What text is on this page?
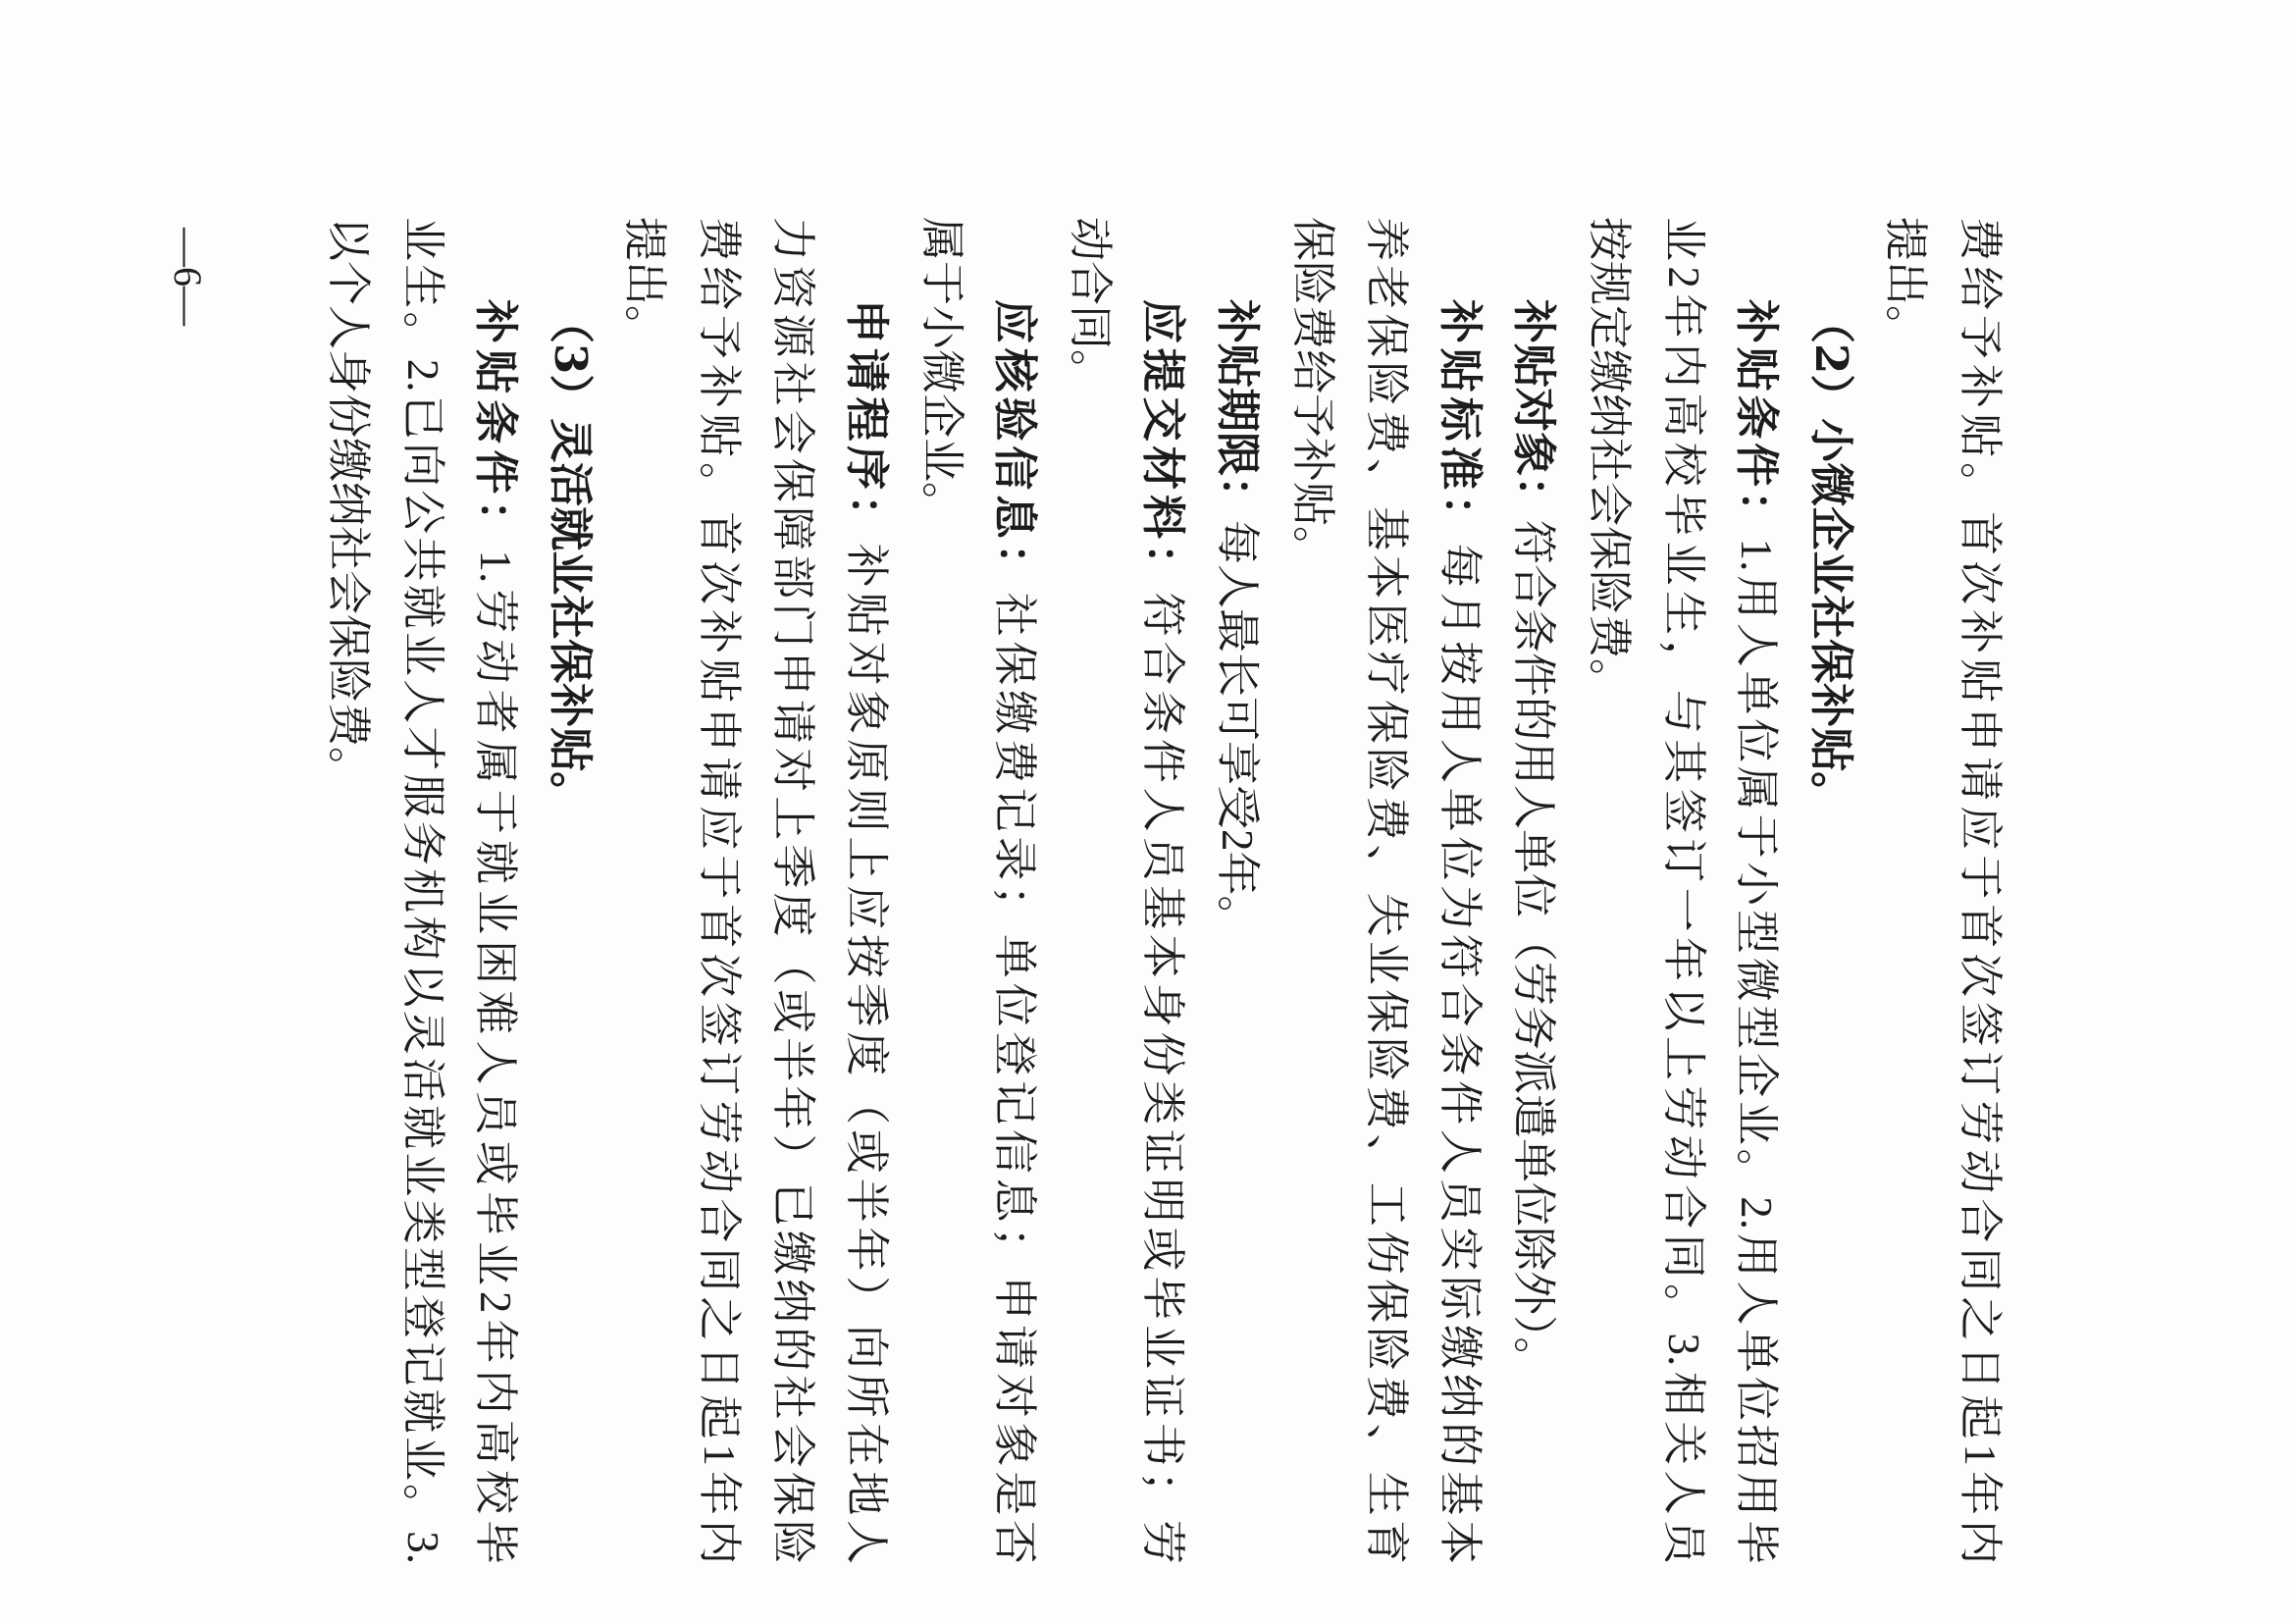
费给予补贴。首次补贴申请应于首次签订劳动合同之日起1年内
提出。
（2）小微企业社保补贴。
补贴条件：1.用人单位属于小型微型企业。2.用人单位招用毕
业2年内高校毕业生，与其签订一年以上劳动合同。3.相关人员
按规定缴纳社会保险费。
补贴对象：符合条件的用人单位（劳务派遣单位除外）。
补贴标准：每月按用人单位为符合条件人员实际缴纳的基本
养老保险费、基本医疗保险费、失业保险费、工伤保险费、生育
保险费给予补贴。
补贴期限：每人最长可享受2年。
应提交材料：符合条件人员基本身份类证明或毕业证书；劳
动合同。
应核验信息：社保缴费记录；单位登记信息；申请对象是否
属于小微企业。
申请程序：补贴对象原则上应按季度（或半年）向所在地人
力资源社会保障部门申请对上季度（或半年）已缴纳的社会保险
费给予补贴。首次补贴申请应于首次签订劳动合同之日起1年内
提出。
（3）灵活就业社保补贴。
补贴条件：1.劳动者属于就业困难人员或毕业2年内高校毕
业生。2.已向公共就业人才服务机构以灵活就业类型登记就业。3.
以个人身份缴纳社会保险费。
—6—
